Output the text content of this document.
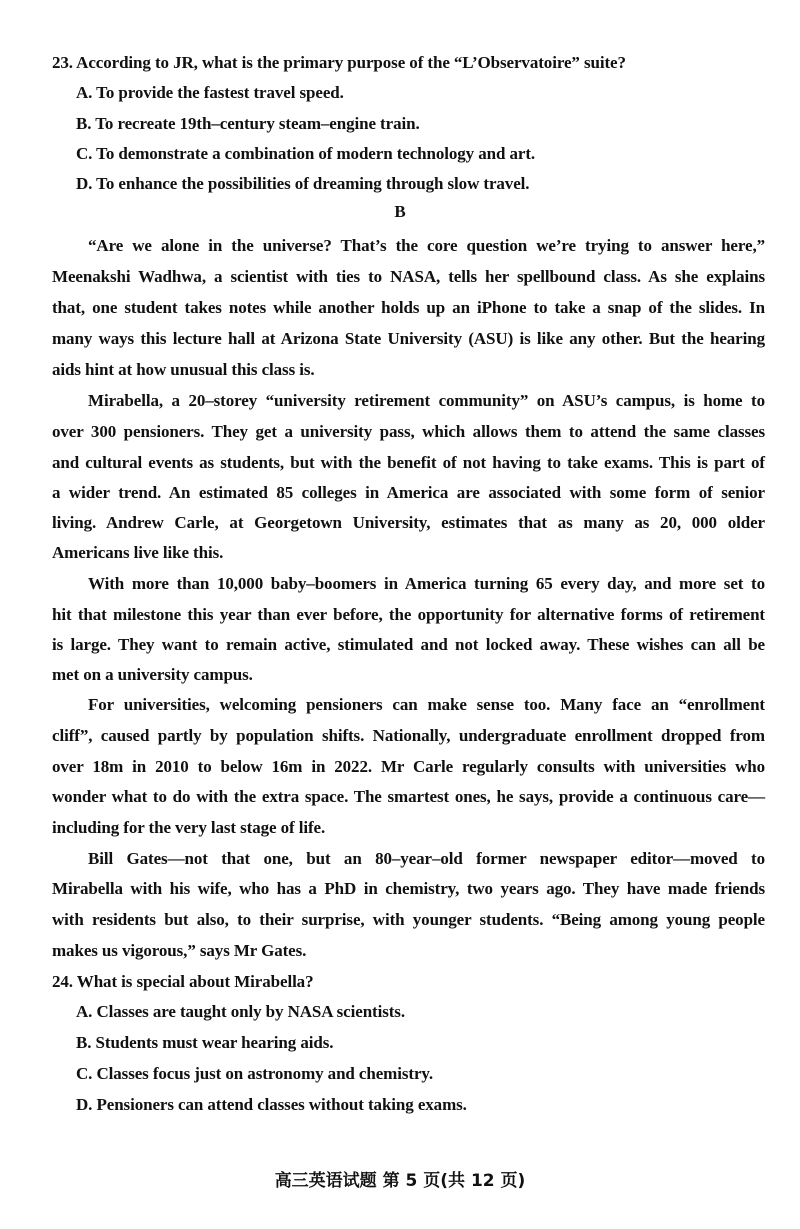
23. According to JR, what is the primary purpose of the “L’Observatoire” suite?
A. To provide the fastest travel speed.
B. To recreate 19th–century steam–engine train.
C. To demonstrate a combination of modern technology and art.
D. To enhance the possibilities of dreaming through slow travel.
B
“Are we alone in the universe? That’s the core question we’re trying to answer here,”
Meenakshi Wadhwa, a scientist with ties to NASA, tells her spellbound class. As she explains
that, one student takes notes while another holds up an iPhone to take a snap of the slides. In
many ways this lecture hall at Arizona State University (ASU) is like any other. But the hearing
aids hint at how unusual this class is.
Mirabella, a 20–storey “university retirement community” on ASU’s campus, is home to
over 300 pensioners. They get a university pass, which allows them to attend the same classes
and cultural events as students, but with the benefit of not having to take exams. This is part of
a wider trend. An estimated 85 colleges in America are associated with some form of senior
living. Andrew Carle, at Georgetown University, estimates that as many as 20, 000 older
Americans live like this.
With more than 10,000 baby–boomers in America turning 65 every day, and more set to
hit that milestone this year than ever before, the opportunity for alternative forms of retirement
is large. They want to remain active, stimulated and not locked away. These wishes can all be
met on a university campus.
For universities, welcoming pensioners can make sense too. Many face an “enrollment
cliff”, caused partly by population shifts. Nationally, undergraduate enrollment dropped from
over 18m in 2010 to below 16m in 2022. Mr Carle regularly consults with universities who
wonder what to do with the extra space. The smartest ones, he says, provide a continuous care—
including for the very last stage of life.
Bill Gates—not that one, but an 80–year–old former newspaper editor—moved to
Mirabella with his wife, who has a PhD in chemistry, two years ago. They have made friends
with residents but also, to their surprise, with younger students. “Being among young people
makes us vigorous,” says Mr Gates.
24. What is special about Mirabella?
A. Classes are taught only by NASA scientists.
B. Students must wear hearing aids.
C. Classes focus just on astronomy and chemistry.
D. Pensioners can attend classes without taking exams.
高三英语试题 第 5 页(共 12 页)
